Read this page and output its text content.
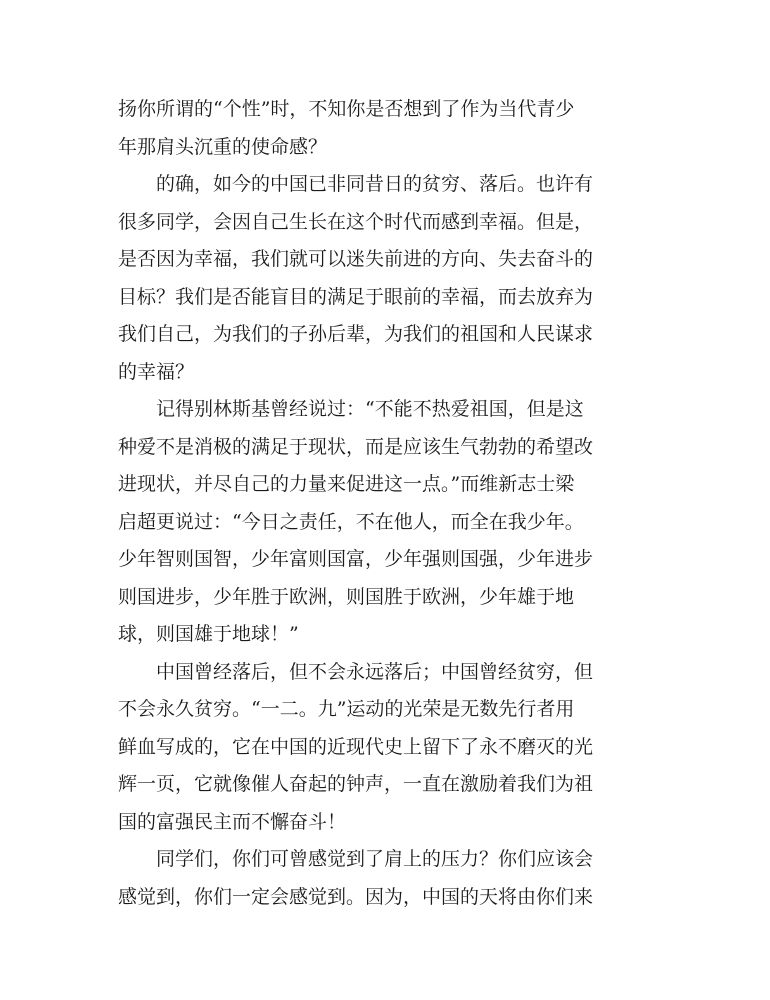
扬你所谓的“个性”时，不知你是否想到了作为当代青少
年那肩头沉重的使命感？
的确，如今的中国已非同昔日的贫穷、落后。也许有
很多同学，会因自己生长在这个时代而感到幸福。但是，
是否因为幸福，我们就可以迷失前进的方向、失去奋斗的
目标？我们是否能盲目的满足于眼前的幸福，而去放弃为
我们自己，为我们的子孙后辈，为我们的祖国和人民谋求
的幸福？
记得别林斯基曾经说过：“不能不热爱祖国，但是这
种爱不是消极的满足于现状，而是应该生气勃勃的希望改
进现状，并尽自己的力量来促进这一点。”而维新志士梁
启超更说过：“今日之责任，不在他人，而全在我少年。
少年智则国智，少年富则国富，少年强则国强，少年进步
则国进步，少年胜于欧洲，则国胜于欧洲，少年雄于地
球，则国雄于地球！”
中国曾经落后，但不会永远落后；中国曾经贫穷，但
不会永久贫穷。“一二。九”运动的光荣是无数先行者用
鲜血写成的，它在中国的近现代史上留下了永不磨灭的光
辉一页，它就像催人奋起的钟声，一直在激励着我们为祖
国的富强民主而不懈奋斗！
同学们，你们可曾感觉到了肩上的压力？你们应该会
感觉到，你们一定会感觉到。因为，中国的天将由你们来
